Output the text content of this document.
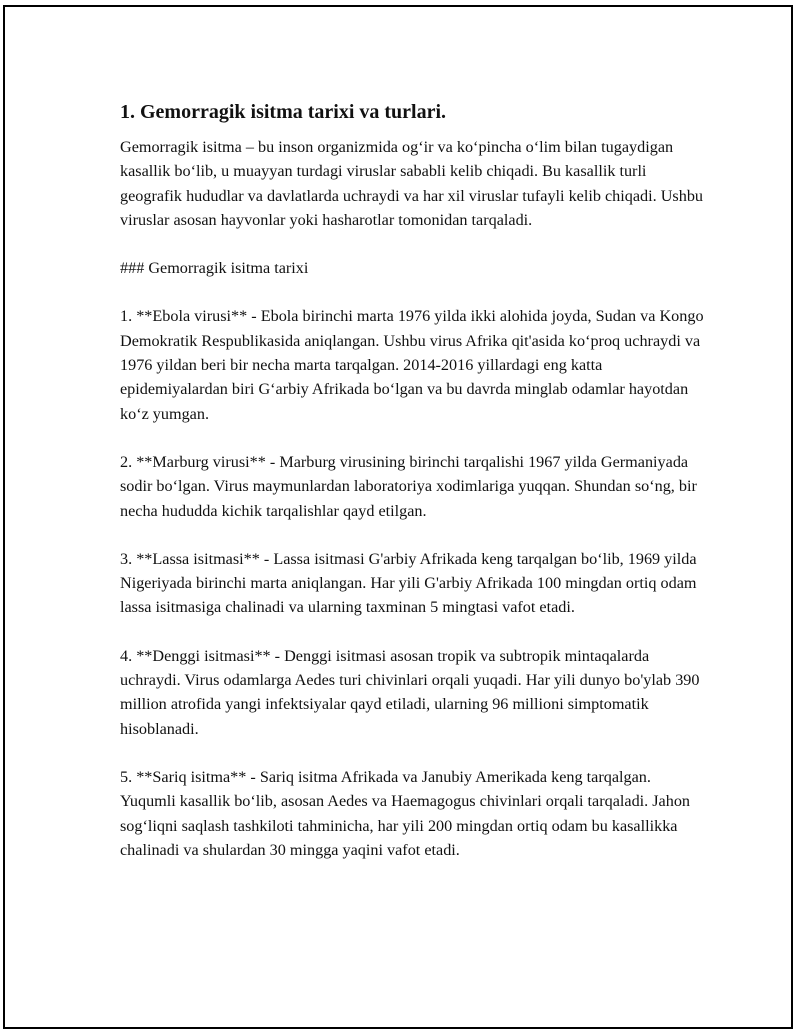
1. Gemorragik isitma tarixi va turlari.

Gemorragik isitma – bu inson organizmida og‘ir va ko‘pincha o‘lim bilan tugaydigan kasallik bo‘lib, u muayyan turdagi viruslar sababli kelib chiqadi. Bu kasallik turli geografik hududlar va davlatlarda uchraydi va har xil viruslar tufayli kelib chiqadi. Ushbu viruslar asosan hayvonlar yoki hasharotlar tomonidan tarqaladi.

### Gemorragik isitma tarixi

1. **Ebola virusi** - Ebola birinchi marta 1976 yilda ikki alohida joyda, Sudan va Kongo Demokratik Respublikasida aniqlangan. Ushbu virus Afrika qit'asida ko‘proq uchraydi va 1976 yildan beri bir necha marta tarqalgan. 2014-2016 yillardagi eng katta epidemiyalardan biri G‘arbiy Afrikada bo‘lgan va bu davrda minglab odamlar hayotdan ko‘z yumgan.

2. **Marburg virusi** - Marburg virusining birinchi tarqalishi 1967 yilda Germaniyada sodir bo‘lgan. Virus maymunlardan laboratoriya xodimlariga yuqqan. Shundan so‘ng, bir necha hududda kichik tarqalishlar qayd etilgan.

3. **Lassa isitmasi** - Lassa isitmasi G'arbiy Afrikada keng tarqalgan bo‘lib, 1969 yilda Nigeriyada birinchi marta aniqlangan. Har yili G'arbiy Afrikada 100 mingdan ortiq odam lassa isitmasiga chalinadi va ularning taxminan 5 mingtasi vafot etadi.

4. **Denggi isitmasi** - Denggi isitmasi asosan tropik va subtropik mintaqalarda uchraydi. Virus odamlarga Aedes turi chivinlari orqali yuqadi. Har yili dunyo bo'ylab 390 million atrofida yangi infektsiyalar qayd etiladi, ularning 96 millioni simptomatik hisoblanadi.

5. **Sariq isitma** - Sariq isitma Afrikada va Janubiy Amerikada keng tarqalgan. Yuqumli kasallik bo‘lib, asosan Aedes va Haemagogus chivinlari orqali tarqaladi. Jahon sog‘liqni saqlash tashkiloti tahminicha, har yili 200 mingdan ortiq odam bu kasallikka chalinadi va shulardan 30 mingga yaqini vafot etadi.
